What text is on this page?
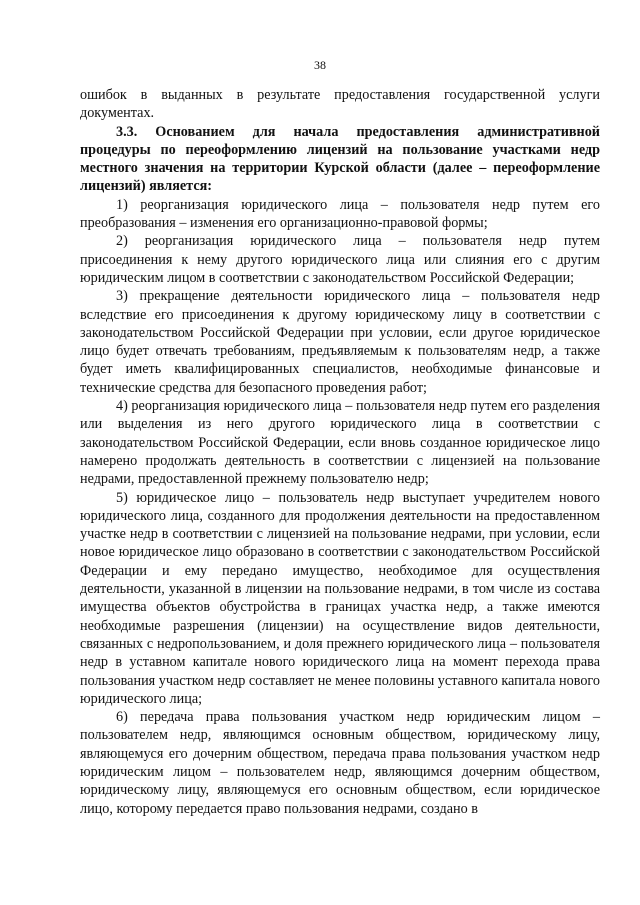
38

ошибок в выданных в результате предоставления государственной услуги документах.

3.3. Основанием для начала предоставления административной процедуры по переоформлению лицензий на пользование участками недр местного значения на территории Курской области (далее – переоформление лицензий) является:

1) реорганизация юридического лица – пользователя недр путем его преобразования – изменения его организационно-правовой формы;

2) реорганизация юридического лица – пользователя недр путем присоединения к нему другого юридического лица или слияния его с другим юридическим лицом в соответствии с законодательством Российской Федерации;

3) прекращение деятельности юридического лица – пользователя недр вследствие его присоединения к другому юридическому лицу в соответствии с законодательством Российской Федерации при условии, если другое юридическое лицо будет отвечать требованиям, предъявляемым к пользователям недр, а также будет иметь квалифицированных специалистов, необходимые финансовые и технические средства для безопасного проведения работ;

4) реорганизация юридического лица – пользователя недр путем его разделения или выделения из него другого юридического лица в соответствии с законодательством Российской Федерации, если вновь созданное юридическое лицо намерено продолжать деятельность в соответствии с лицензией на пользование недрами, предоставленной прежнему пользователю недр;

5) юридическое лицо – пользователь недр выступает учредителем нового юридического лица, созданного для продолжения деятельности на предоставленном участке недр в соответствии с лицензией на пользование недрами, при условии, если новое юридическое лицо образовано в соответствии с законодательством Российской Федерации и ему передано имущество, необходимое для осуществления деятельности, указанной в лицензии на пользование недрами, в том числе из состава имущества объектов обустройства в границах участка недр, а также имеются необходимые разрешения (лицензии) на осуществление видов деятельности, связанных с недропользованием, и доля прежнего юридического лица – пользователя недр в уставном капитале нового юридического лица на момент перехода права пользования участком недр составляет не менее половины уставного капитала нового юридического лица;

6) передача права пользования участком недр юридическим лицом – пользователем недр, являющимся основным обществом, юридическому лицу, являющемуся его дочерним обществом, передача права пользования участком недр юридическим лицом – пользователем недр, являющимся дочерним обществом, юридическому лицу, являющемуся его основным обществом, если юридическое лицо, которому передается право пользования недрами, создано в
